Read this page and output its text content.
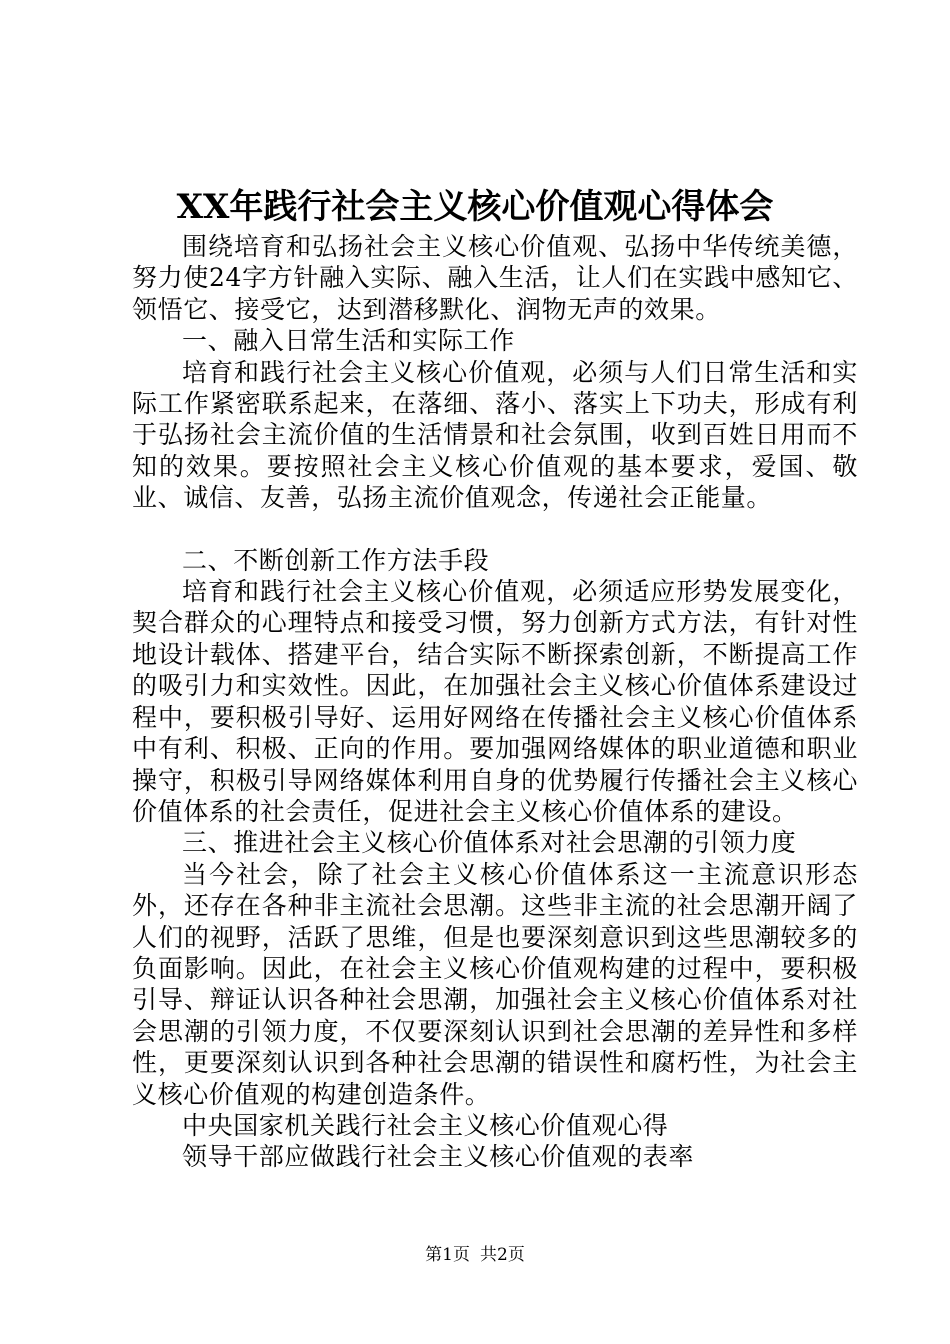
XX年践行社会主义核心价值观心得体会

围绕培育和弘扬社会主义核心价值观、弘扬中华传统美德，努力使24字方针融入实际、融入生活，让人们在实践中感知它、领悟它、接受它，达到潜移默化、润物无声的效果。

一、融入日常生活和实际工作

培育和践行社会主义核心价值观，必须与人们日常生活和实际工作紧密联系起来，在落细、落小、落实上下功夫，形成有利于弘扬社会主流价值的生活情景和社会氛围，收到百姓日用而不知的效果。要按照社会主义核心价值观的基本要求，爱国、敬业、诚信、友善，弘扬主流价值观念，传递社会正能量。

二、不断创新工作方法手段

培育和践行社会主义核心价值观，必须适应形势发展变化，契合群众的心理特点和接受习惯，努力创新方式方法，有针对性地设计载体、搭建平台，结合实际不断探索创新，不断提高工作的吸引力和实效性。因此，在加强社会主义核心价值体系建设过程中，要积极引导好、运用好网络在传播社会主义核心价值体系中有利、积极、正向的作用。要加强网络媒体的职业道德和职业操守，积极引导网络媒体利用自身的优势履行传播社会主义核心价值体系的社会责任，促进社会主义核心价值体系的建设。

三、推进社会主义核心价值体系对社会思潮的引领力度

当今社会，除了社会主义核心价值体系这一主流意识形态外，还存在各种非主流社会思潮。这些非主流的社会思潮开阔了人们的视野，活跃了思维，但是也要深刻意识到这些思潮较多的负面影响。因此，在社会主义核心价值观构建的过程中，要积极引导、辩证认识各种社会思潮，加强社会主义核心价值体系对社会思潮的引领力度，不仅要深刻认识到社会思潮的差异性和多样性，更要深刻认识到各种社会思潮的错误性和腐朽性，为社会主义核心价值观的构建创造条件。

中央国家机关践行社会主义核心价值观心得

领导干部应做践行社会主义核心价值观的表率

第1页 共2页
